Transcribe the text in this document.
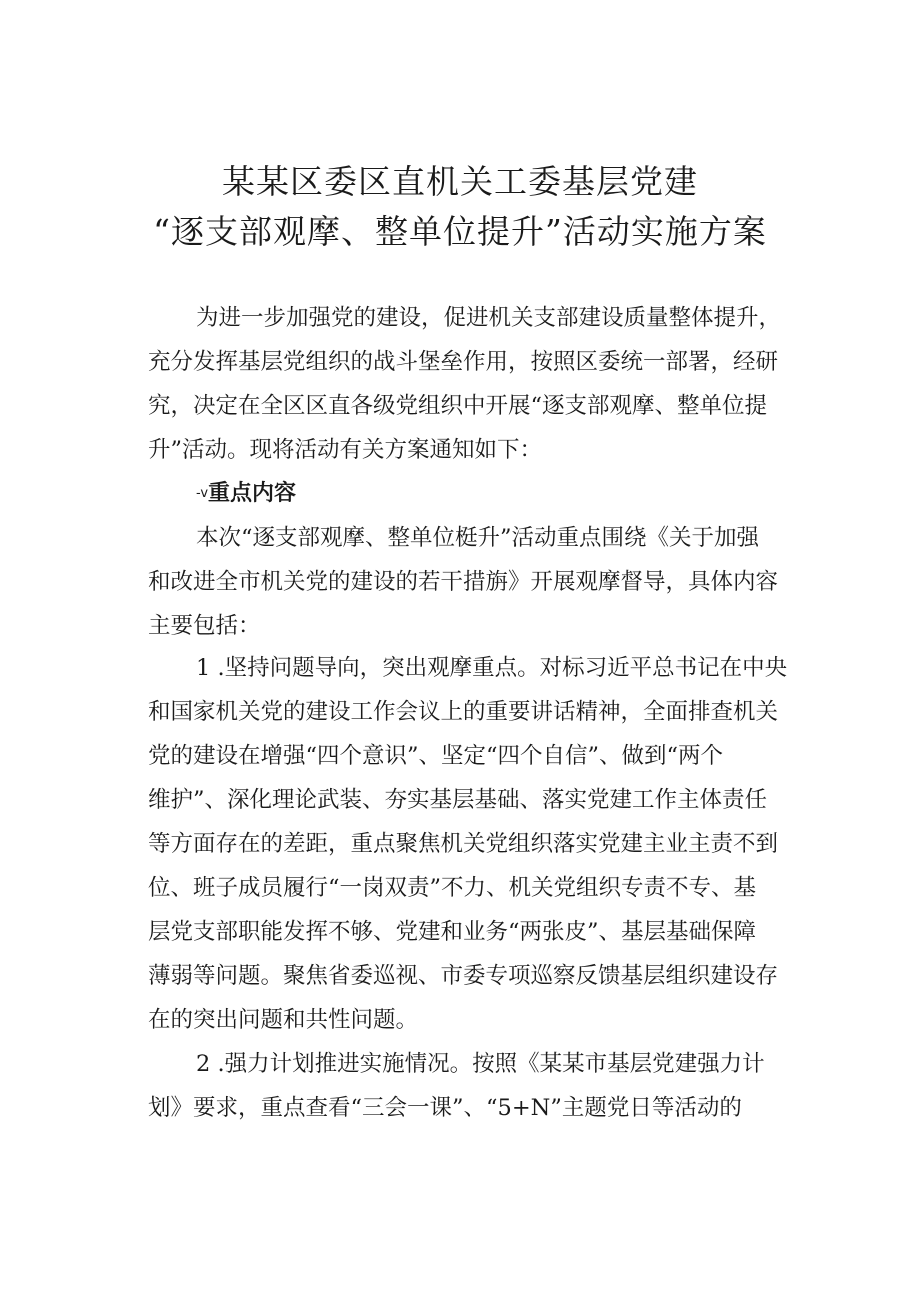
某某区委区直机关工委基层党建
“逐支部观摩、整单位提升”活动实施方案
为进一步加强党的建设，促进机关支部建设质量整体提升，
充分发挥基层党组织的战斗堡垒作用，按照区委统一部署，经研
究，决定在全区区直各级党组织中开展“逐支部观摩、整单位提
升”活动。现将活动有关方案通知如下：
-v重点内容
本次“逐支部观摩、整单位梃升”活动重点围绕《关于加强
和改进全市机关党的建设的若干措旃》开展观摩督导，具体内容
主要包括：
1 .坚持问题导向，突出观摩重点。对标习近平总书记在中央
和国家机关党的建设工作会议上的重要讲话精神，全面排查机关
党的建设在增强“四个意识”、坚定“四个自信”、做到“两个
维护”、深化理论武装、夯实基层基础、落实党建工作主体责任
等方面存在的差距，重点聚焦机关党组织落实党建主业主责不到
位、班子成员履行“一岗双责”不力、机关党组织专责不专、基
层党支部职能发挥不够、党建和业务“两张皮”、基层基础保障
薄弱等问题。聚焦省委巡视、市委专项巡察反馈基层组织建设存
在的突出问题和共性问题。
2 .强力计划推进实施情况。按照《某某市基层党建强力计
划》要求，重点查看“三会一课”、“5+N”主题党日等活动的
